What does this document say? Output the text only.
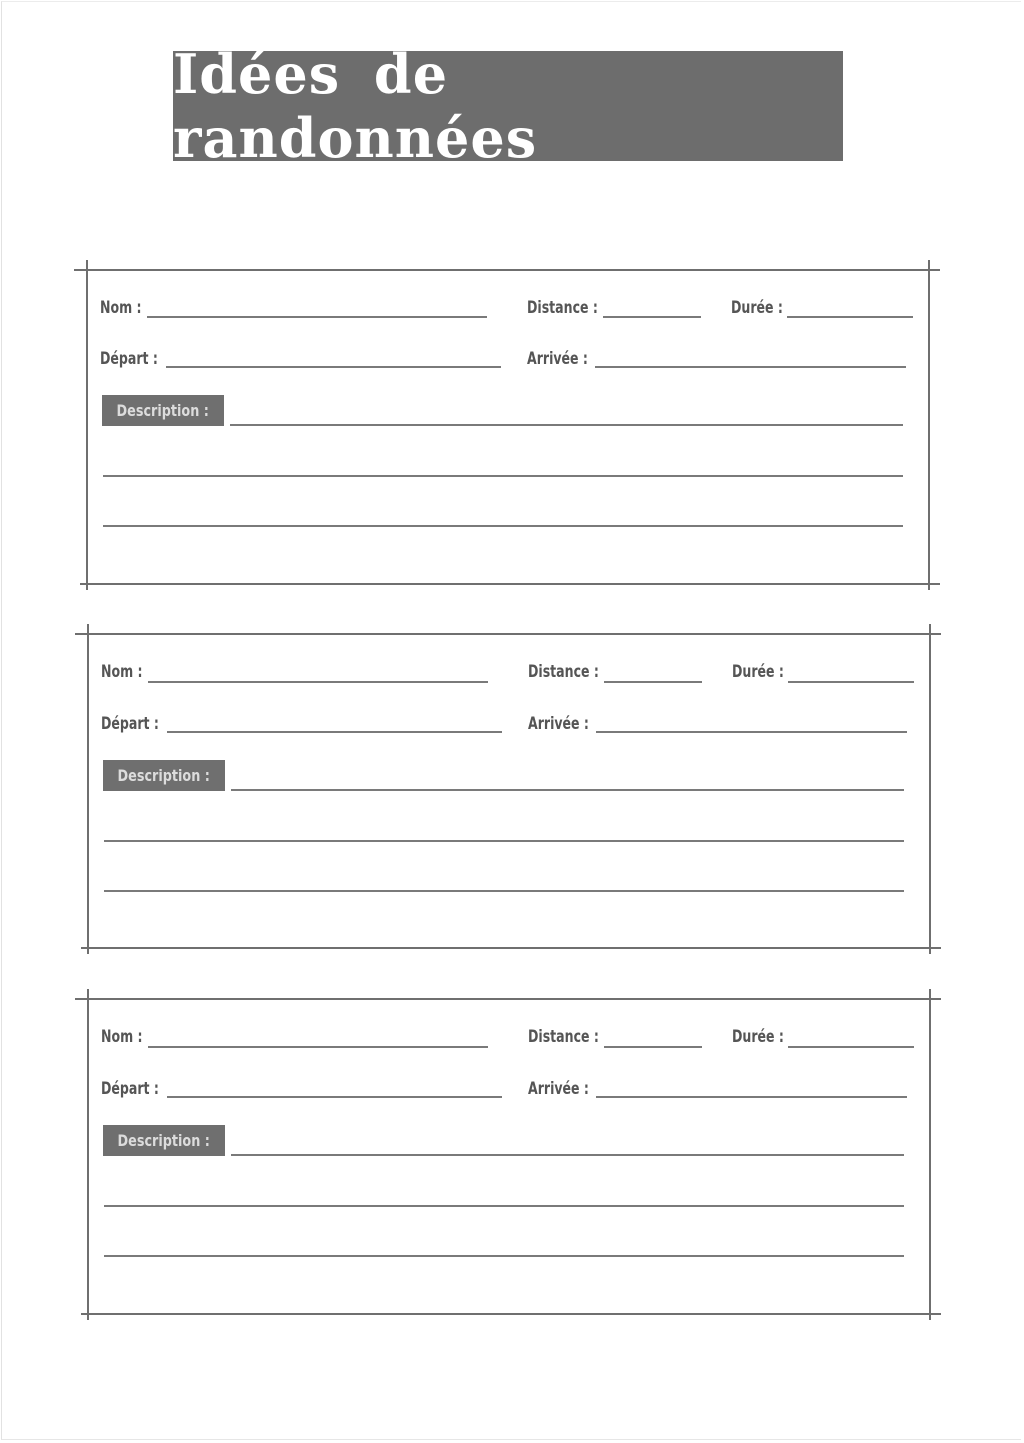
Idées de randonnées
Nom :	Distance :	Durée :
Départ :	Arrivée :
Description :
Nom :	Distance :	Durée :
Départ :	Arrivée :
Description :
Nom :	Distance :	Durée :
Départ :	Arrivée :
Description :
